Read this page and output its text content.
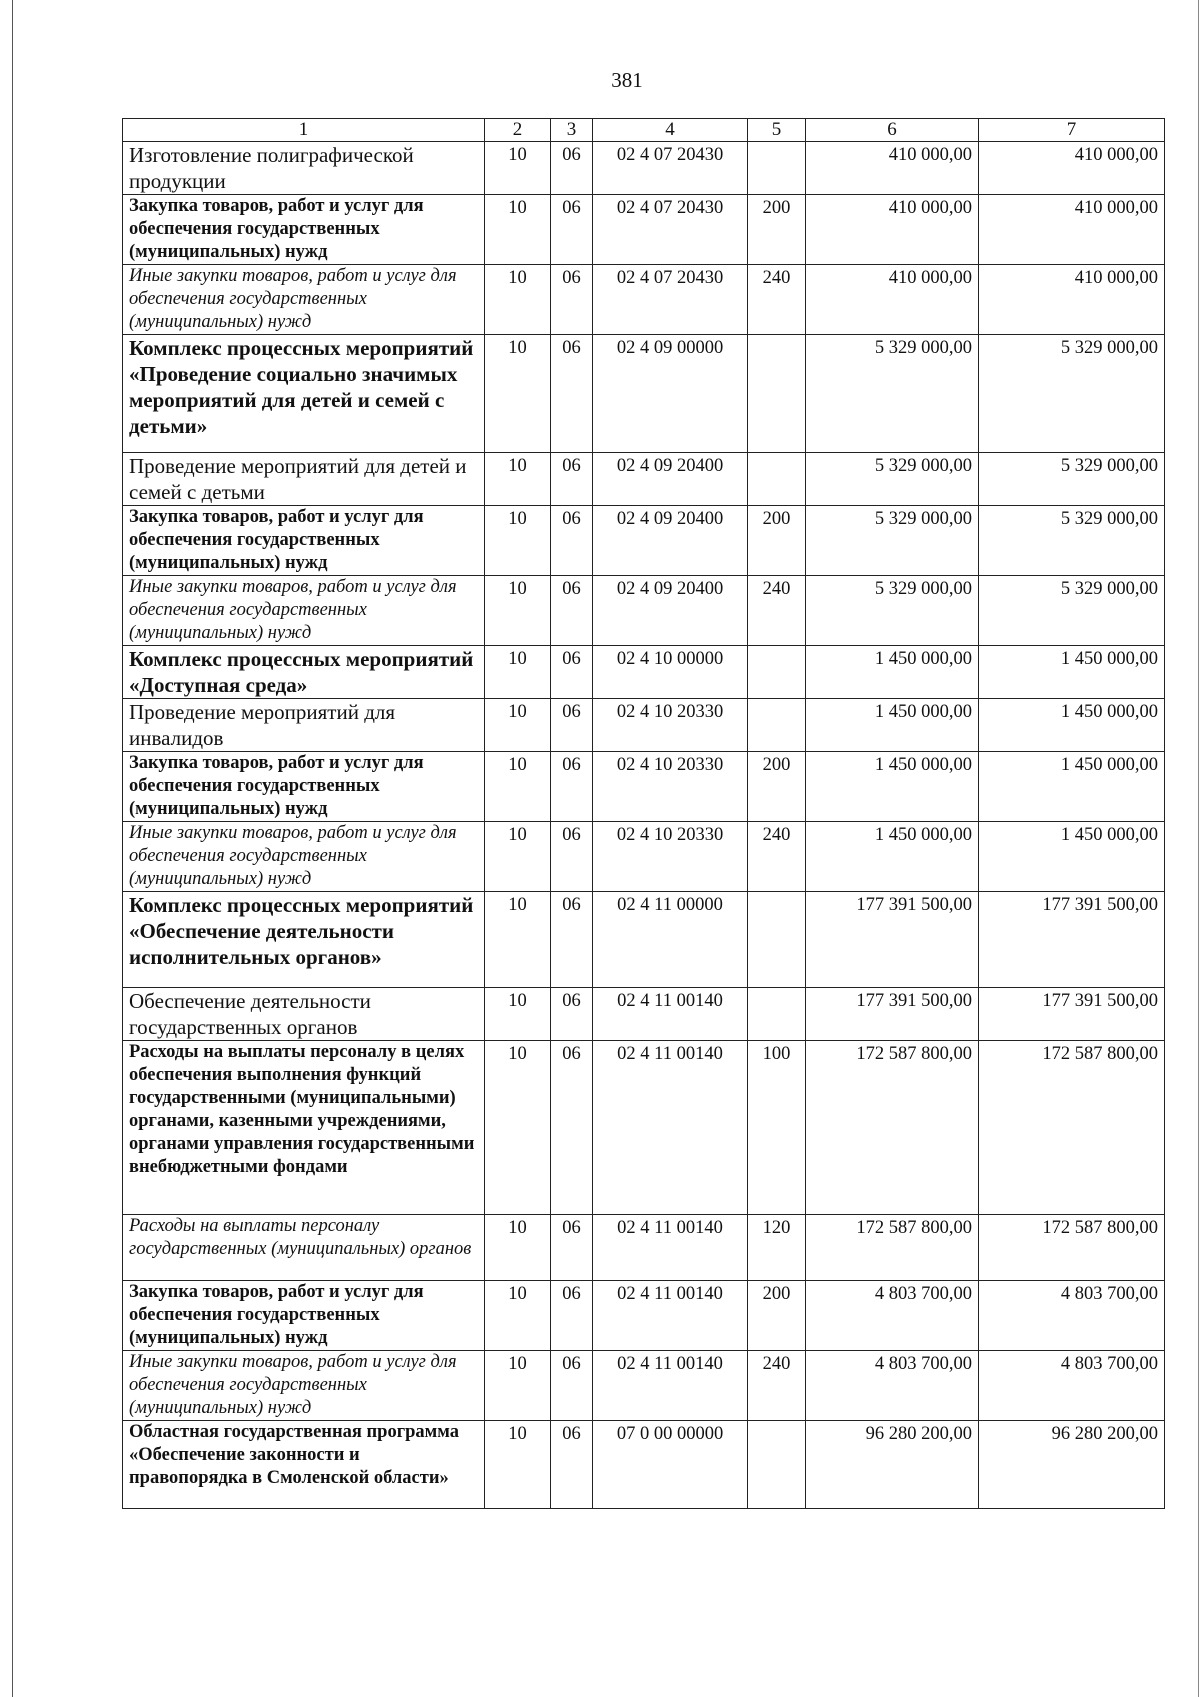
381
1	2	3	4	5	6	7
Изготовление полиграфической продукции	10	06	02 4 07 20430		410 000,00	410 000,00
Закупка товаров, работ и услуг для обеспечения государственных (муниципальных) нужд	10	06	02 4 07 20430	200	410 000,00	410 000,00
Иные закупки товаров, работ и услуг для обеспечения государственных (муниципальных) нужд	10	06	02 4 07 20430	240	410 000,00	410 000,00
Комплекс процессных мероприятий «Проведение социально значимых мероприятий для детей и семей с детьми»	10	06	02 4 09 00000		5 329 000,00	5 329 000,00
Проведение мероприятий для детей и семей с детьми	10	06	02 4 09 20400		5 329 000,00	5 329 000,00
Закупка товаров, работ и услуг для обеспечения государственных (муниципальных) нужд	10	06	02 4 09 20400	200	5 329 000,00	5 329 000,00
Иные закупки товаров, работ и услуг для обеспечения государственных (муниципальных) нужд	10	06	02 4 09 20400	240	5 329 000,00	5 329 000,00
Комплекс процессных мероприятий «Доступная среда»	10	06	02 4 10 00000		1 450 000,00	1 450 000,00
Проведение мероприятий для инвалидов	10	06	02 4 10 20330		1 450 000,00	1 450 000,00
Закупка товаров, работ и услуг для обеспечения государственных (муниципальных) нужд	10	06	02 4 10 20330	200	1 450 000,00	1 450 000,00
Иные закупки товаров, работ и услуг для обеспечения государственных (муниципальных) нужд	10	06	02 4 10 20330	240	1 450 000,00	1 450 000,00
Комплекс процессных мероприятий «Обеспечение деятельности исполнительных органов»	10	06	02 4 11 00000		177 391 500,00	177 391 500,00
Обеспечение деятельности государственных органов	10	06	02 4 11 00140		177 391 500,00	177 391 500,00
Расходы на выплаты персоналу в целях обеспечения выполнения функций государственными (муниципальными) органами, казенными учреждениями, органами управления государственными внебюджетными фондами	10	06	02 4 11 00140	100	172 587 800,00	172 587 800,00
Расходы на выплаты персоналу государственных (муниципальных) органов	10	06	02 4 11 00140	120	172 587 800,00	172 587 800,00
Закупка товаров, работ и услуг для обеспечения государственных (муниципальных) нужд	10	06	02 4 11 00140	200	4 803 700,00	4 803 700,00
Иные закупки товаров, работ и услуг для обеспечения государственных (муниципальных) нужд	10	06	02 4 11 00140	240	4 803 700,00	4 803 700,00
Областная государственная программа «Обеспечение законности и правопорядка в Смоленской области»	10	06	07 0 00 00000		96 280 200,00	96 280 200,00
